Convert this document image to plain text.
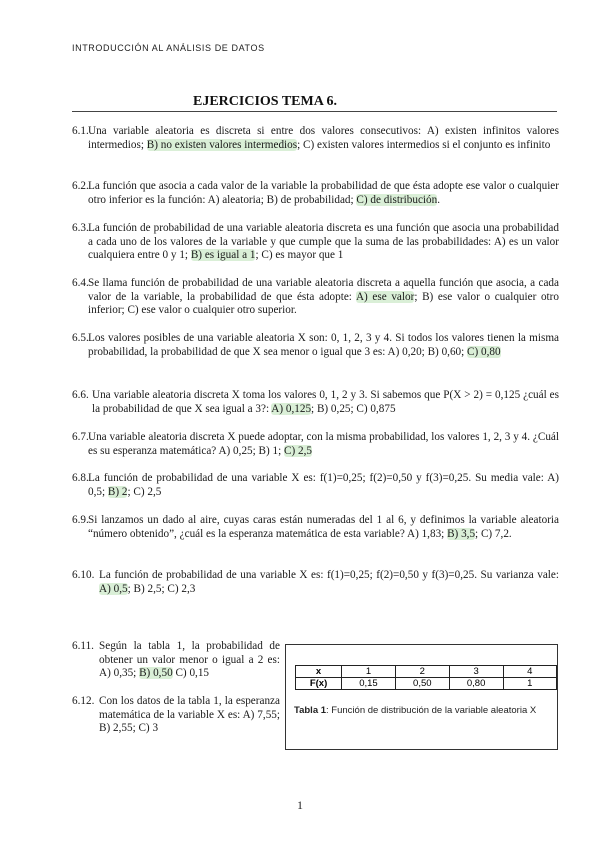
INTRODUCCIÓN AL ANÁLISIS DE DATOS
EJERCICIOS TEMA 6.
6.1. Una variable aleatoria es discreta si entre dos valores consecutivos: A) existen infinitos valores intermedios; B) no existen valores intermedios; C) existen valores intermedios si el conjunto es infinito
6.2. La función que asocia a cada valor de la variable la probabilidad de que ésta adopte ese valor o cualquier otro inferior es la función: A) aleatoria; B) de probabilidad; C) de distribución.
6.3. La función de probabilidad de una variable aleatoria discreta es una función que asocia una probabilidad a cada uno de los valores de la variable y que cumple que la suma de las probabilidades: A) es un valor cualquiera entre 0 y 1; B) es igual a 1; C) es mayor que 1
6.4. Se llama función de probabilidad de una variable aleatoria discreta a aquella función que asocia, a cada valor de la variable, la probabilidad de que ésta adopte: A) ese valor; B) ese valor o cualquier otro inferior; C) ese valor o cualquier otro superior.
6.5. Los valores posibles de una variable aleatoria X son: 0, 1, 2, 3 y 4. Si todos los valores tienen la misma probabilidad, la probabilidad de que X sea menor o igual que 3 es: A) 0,20; B) 0,60; C) 0,80
6.6. Una variable aleatoria discreta X toma los valores 0, 1, 2 y 3. Si sabemos que P(X > 2) = 0,125 ¿cuál es la probabilidad de que X sea igual a 3?: A) 0,125; B) 0,25; C) 0,875
6.7. Una variable aleatoria discreta X puede adoptar, con la misma probabilidad, los valores 1, 2, 3 y 4. ¿Cuál es su esperanza matemática? A) 0,25; B) 1; C) 2,5
6.8. La función de probabilidad de una variable X es: f(1)=0,25; f(2)=0,50 y f(3)=0,25. Su media vale: A) 0,5; B) 2; C) 2,5
6.9. Si lanzamos un dado al aire, cuyas caras están numeradas del 1 al 6, y definimos la variable aleatoria “número obtenido”, ¿cuál es la esperanza matemática de esta variable? A) 1,83; B) 3,5; C) 7,2.
6.10. La función de probabilidad de una variable X es: f(1)=0,25; f(2)=0,50 y f(3)=0,25. Su varianza vale: A) 0,5; B) 2,5; C) 2,3
6.11. Según la tabla 1, la probabilidad de obtener un valor menor o igual a 2 es: A) 0,35; B) 0,50 C) 0,15
6.12. Con los datos de la tabla 1, la esperanza matemática de la variable X es: A) 7,55; B) 2,55; C) 3
x	1	2	3	4
F(x)	0,15	0,50	0,80	1
Tabla 1: Función de distribución de la variable aleatoria X
1
